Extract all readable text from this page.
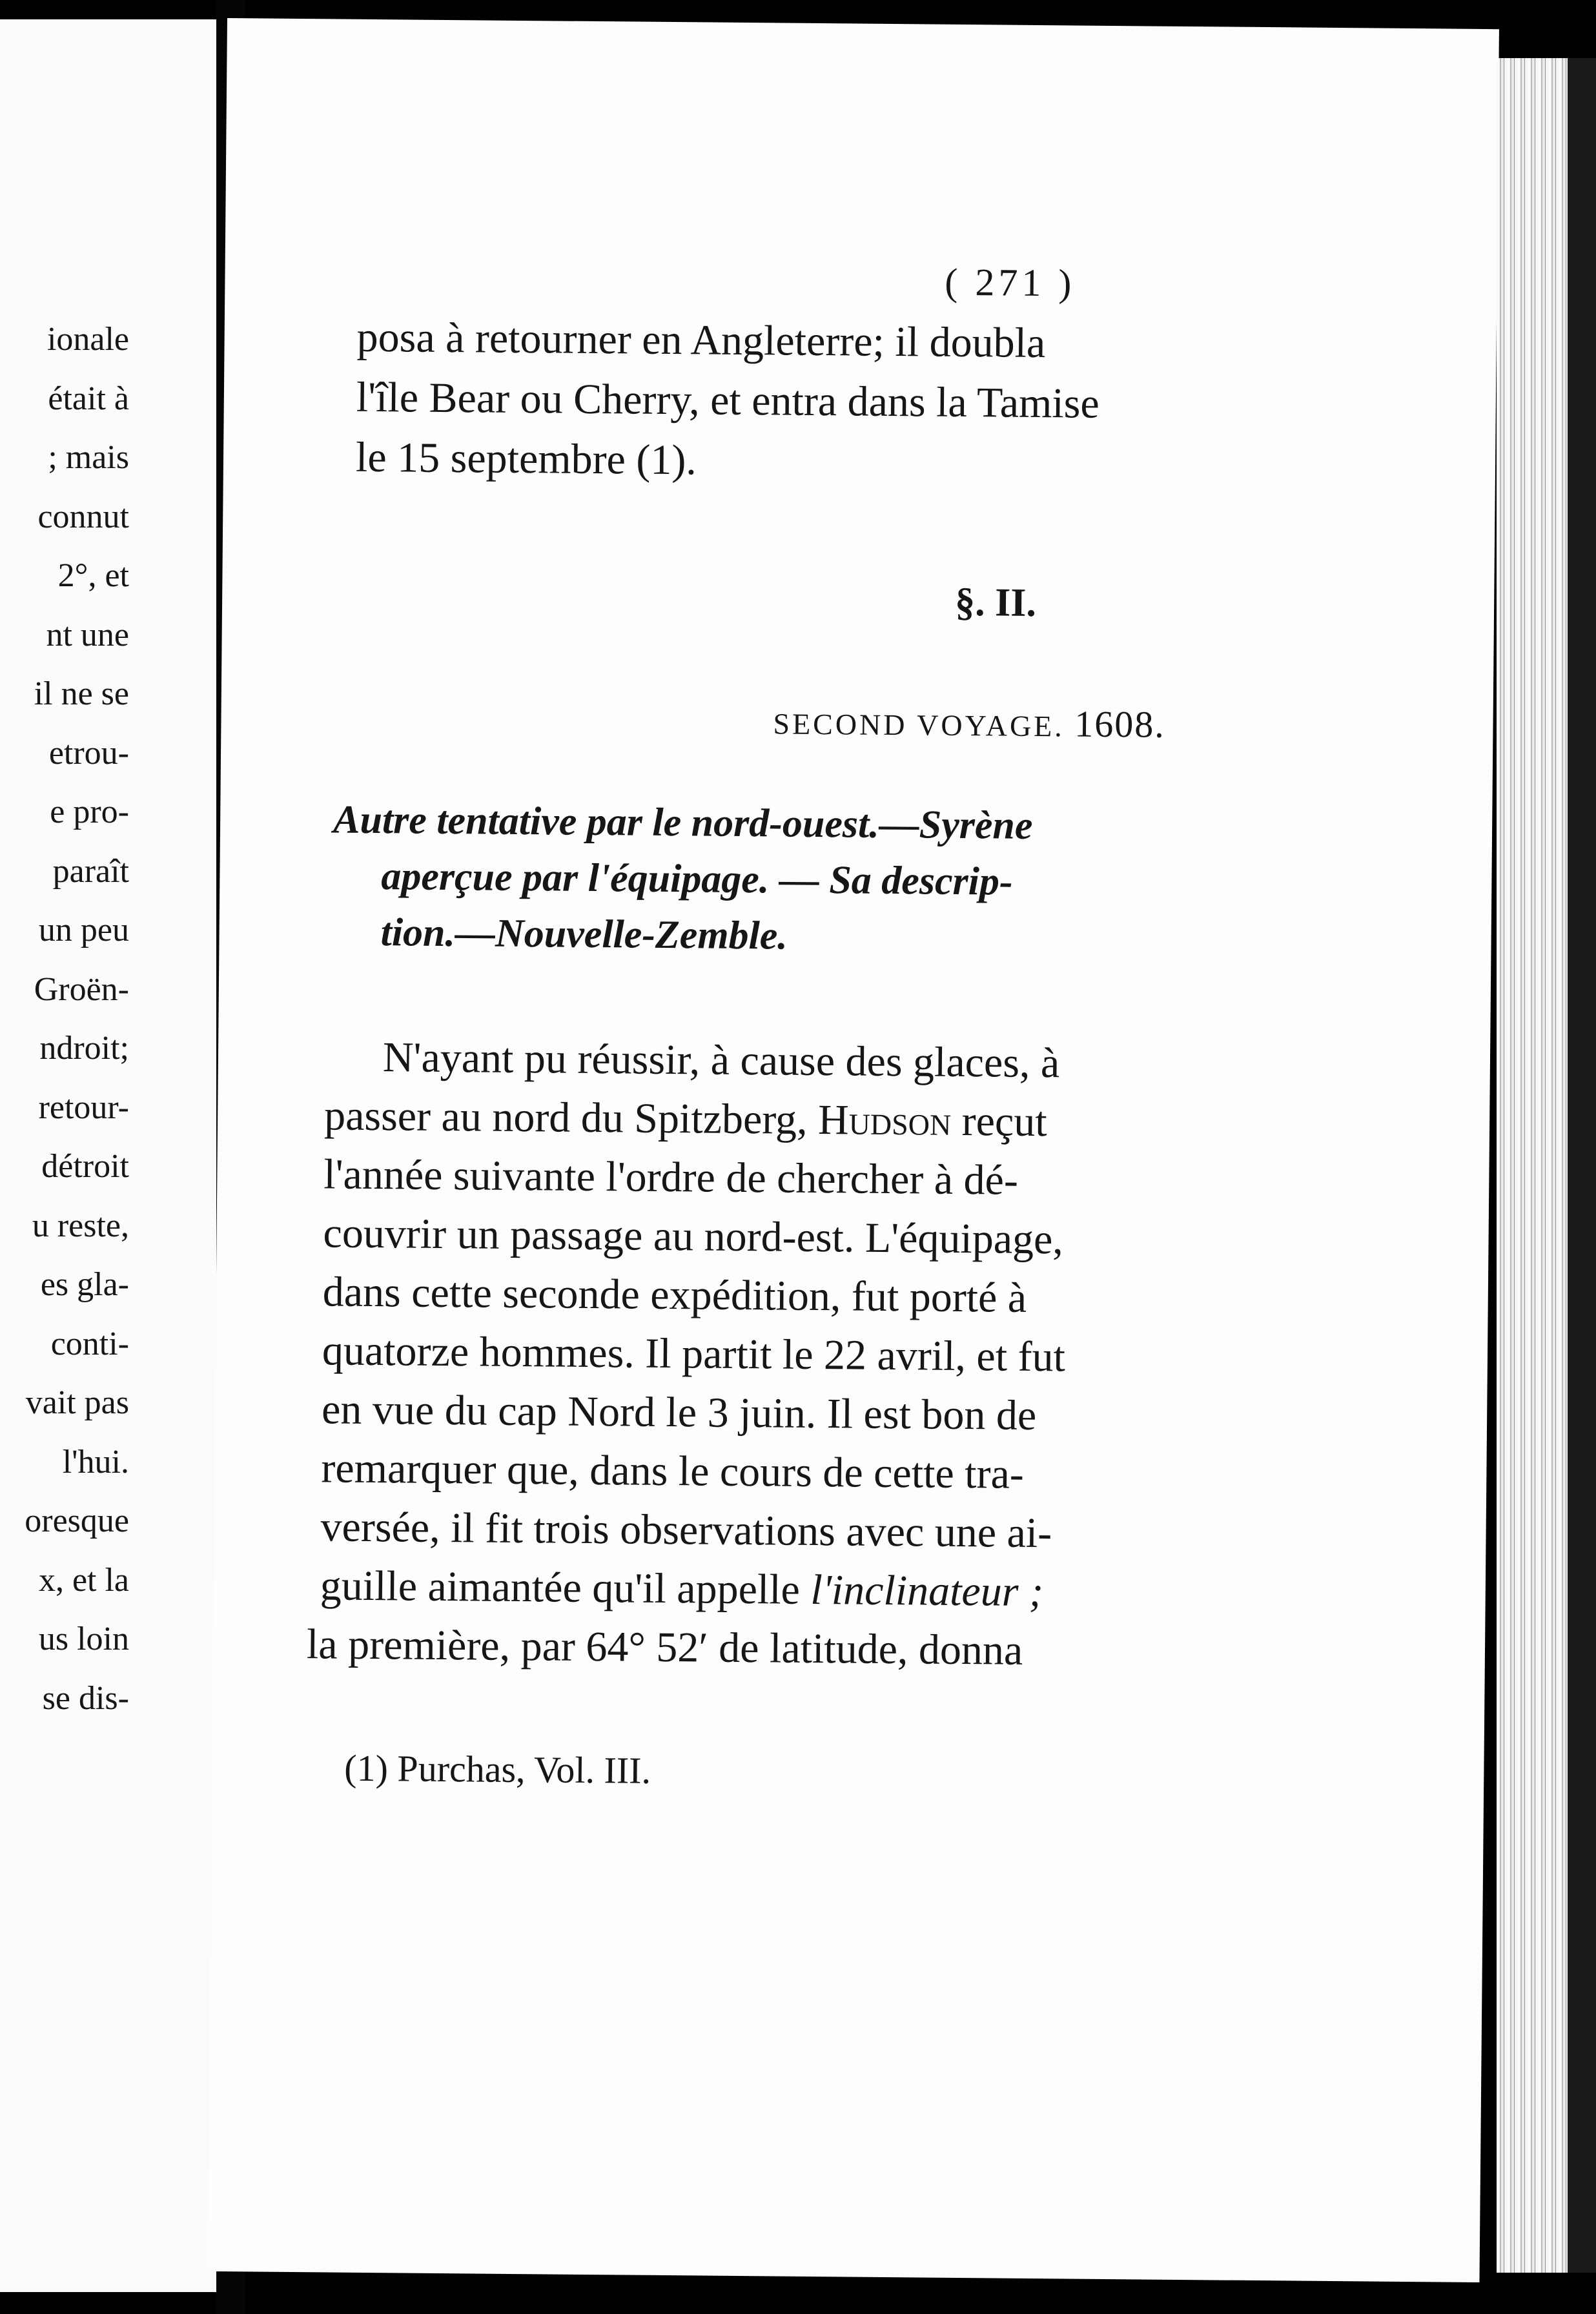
ionale
était à
; mais
connut
2°, et
nt une
il ne se
etrou-
e pro-
paraît
un peu
Groën-
ndroit;
retour-
détroit
u reste,
es gla-
conti-
vait pas
l'hui.
oresque
x, et la
us loin
se dis-
( 271 )
posa à retourner en Angleterre; il doubla
l'île Bear ou Cherry, et entra dans la Tamise
le 15 septembre (1).
§. II.
SECOND VOYAGE. 1608.
Autre tentative par le nord-ouest.—Syrène
aperçue par l'équipage. — Sa descrip-
tion.—Nouvelle-Zemble.
N'ayant pu réussir, à cause des glaces, à
passer au nord du Spitzberg, Hudson reçut
l'année suivante l'ordre de chercher à dé-
couvrir un passage au nord-est. L'équipage,
dans cette seconde expédition, fut porté à
quatorze hommes. Il partit le 22 avril, et fut
en vue du cap Nord le 3 juin. Il est bon de
remarquer que, dans le cours de cette tra-
versée, il fit trois observations avec une ai-
guille aimantée qu'il appelle l'inclinateur ;
la première, par 64° 52′ de latitude, donna
(1) Purchas, Vol. III.
